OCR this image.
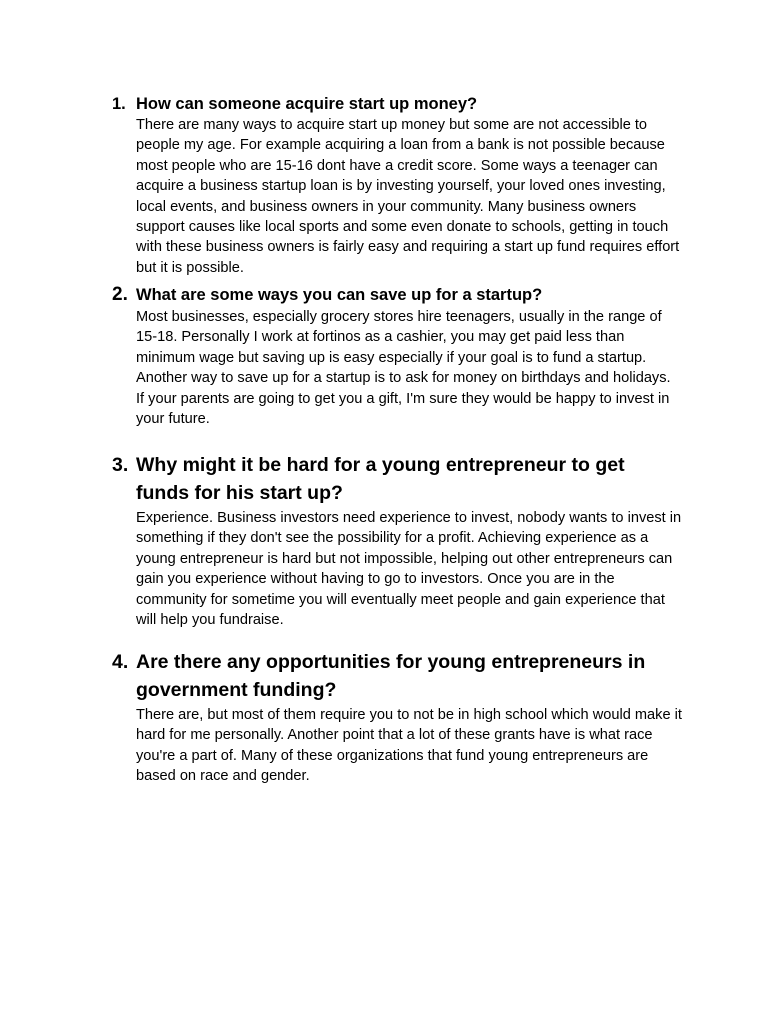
1. How can someone acquire start up money?
There are many ways to acquire start up money but some are not accessible to people my age. For example acquiring a loan from a bank is not possible because most people who are 15-16 dont have a credit score. Some ways a teenager can acquire a business startup loan is by investing yourself, your loved ones investing, local events, and business owners in your community. Many business owners support causes like local sports and some even donate to schools, getting in touch with these business owners is fairly easy and requiring a start up fund requires effort but it is possible.
2. What are some ways you can save up for a startup?
Most businesses, especially grocery stores hire teenagers, usually in the range of 15-18. Personally I work at fortinos as a cashier, you may get paid less than minimum wage but saving up is easy especially if your goal is to fund a startup. Another way to save up for a startup is to ask for money on birthdays and holidays. If your parents are going to get you a gift, I'm sure they would be happy to invest in your future.
3. Why might it be hard for a young entrepreneur to get funds for his start up?
Experience. Business investors need experience to invest, nobody wants to invest in something if they don't see the possibility for a profit. Achieving experience as a young entrepreneur is hard but not impossible, helping out other entrepreneurs can gain you experience without having to go to investors. Once you are in the community for sometime you will eventually meet people and gain experience that will help you fundraise.
4. Are there any opportunities for young entrepreneurs in government funding?
There are, but most of them require you to not be in high school which would make it hard for me personally. Another point that a lot of these grants have is what race you're a part of. Many of these organizations that fund young entrepreneurs are based on race and gender.
